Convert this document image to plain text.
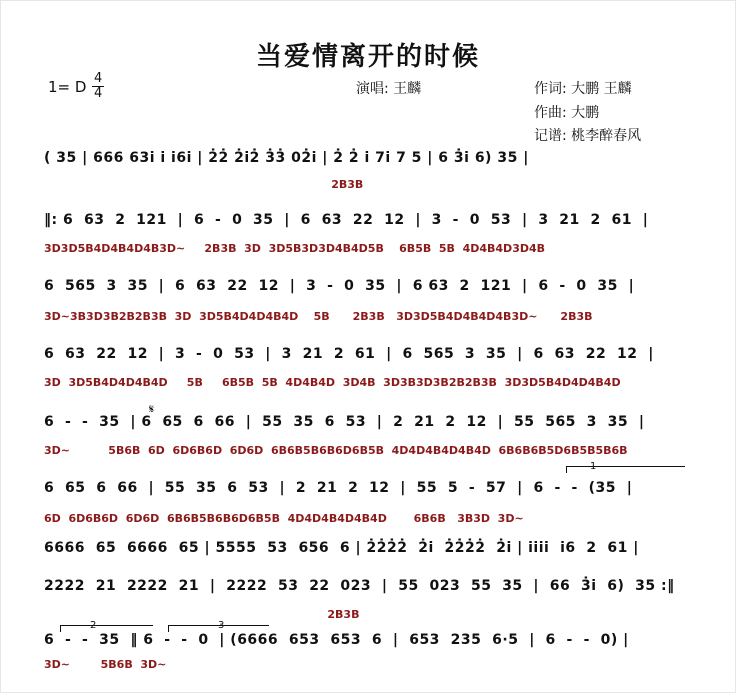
当爱情离开的时候
1= D 4
4	演唱: 王麟	作词: 大鹏 王麟
作曲: 大鹏
记谱: 桃李醉春风
( 35 | 666 63i i i6i | 2̇2̇ 2̇i2̇ 3̇3̇ 02̇i | 2̇ 2̇ i 7i 7 5 | 6 3̇i 6) 35 |
2B3B
‖: 6  63  2  121  |  6  -  0  35  |  6  63  22  12  |  3  -  0  53  |  3  21  2  61  |
3D3D5B4D4B4D4B3D~     2B3B  3D  3D5B3D3D4B4D5B    6B5B  5B  4D4B4D3D4B
6  565  3  35  |  6  63  22  12  |  3  -  0  35  |  6 63  2  121  |  6  -  0  35  |
3D~3B3D3B2B2B3B  3D  3D5B4D4D4B4D    5B      2B3B   3D3D5B4D4B4D4B3D~      2B3B
6  63  22  12  |  3  -  0  53  |  3  21  2  61  |  6  565  3  35  |  6  63  22  12  |
3D  3D5B4D4D4B4D     5B     6B5B  5B  4D4B4D  3D4B  3D3B3D3B2B2B3B  3D3D5B4D4D4B4D
6  -  -  35  | 6  65  6  66  |  55  35  6  53  |  2  21  2  12  |  55  565  3  35  |
3D~          5B6B  6D  6D6B6D  6D6D  6B6B5B6B6D6B5B  4D4D4B4D4B4D  6B6B6B5D6B5B5B6B
𝄋
6  65  6  66  |  55  35  6  53  |  2  21  2  12  |  55  5  -  57  |  6  -  -  (35  |
6D  6D6B6D  6D6D  6B6B5B6B6D6B5B  4D4D4B4D4B4D       6B6B   3B3D  3D~
1
6666  65  6666  65 | 5555  53  656  6 | 2̇2̇2̇2̇  2̇i  2̇2̇2̇2̇  2̇i | iiii  i6  2  61 |
2222  21  2222  21  |  2222  53  22  023  |  55  023  55  35  |  66  3̇i  6)  35 :‖
2B3B
6  -  -  35  ‖ 6  -  -  0  | (6666  653  653  6  |  653  235  6·5  |  6  -  -  0) |
3D~        5B6B  3D~
2	3
